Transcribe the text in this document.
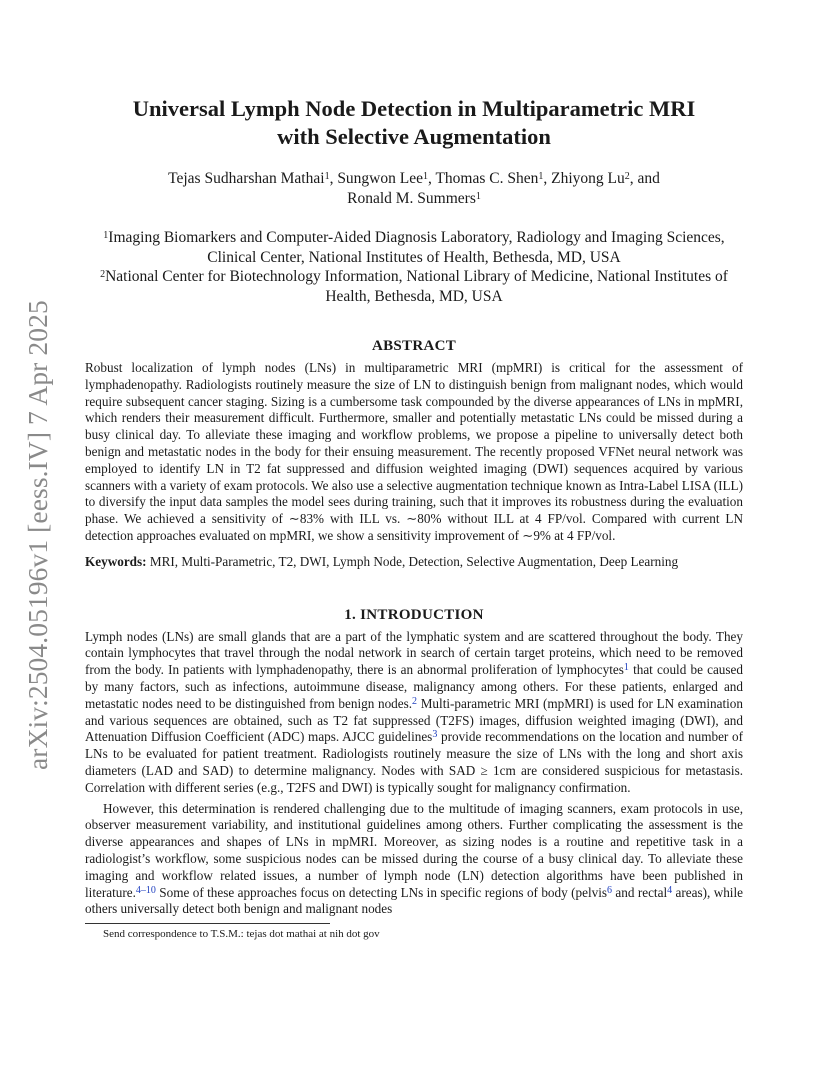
arXiv:2504.05196v1 [eess.IV] 7 Apr 2025
Universal Lymph Node Detection in Multiparametric MRI
with Selective Augmentation
Tejas Sudharshan Mathai$^1$, Sungwon Lee$^1$, Thomas C. Shen$^1$, Zhiyong Lu$^2$, and Ronald M. Summers$^1$
$^1$Imaging Biomarkers and Computer-Aided Diagnosis Laboratory, Radiology and Imaging Sciences, Clinical Center, National Institutes of Health, Bethesda, MD, USA
$^2$National Center for Biotechnology Information, National Library of Medicine, National Institutes of Health, Bethesda, MD, USA
ABSTRACT

Robust localization of lymph nodes (LNs) in multiparametric MRI (mpMRI) is critical for the assessment of lymphadenopathy. Radiologists routinely measure the size of LN to distinguish benign from malignant nodes, which would require subsequent cancer staging. Sizing is a cumbersome task compounded by the diverse appearances of LNs in mpMRI, which renders their measurement difficult. Furthermore, smaller and potentially metastatic LNs could be missed during a busy clinical day. To alleviate these imaging and workflow problems, we propose a pipeline to universally detect both benign and metastatic nodes in the body for their ensuing measurement. The recently proposed VFNet neural network was employed to identify LN in T2 fat suppressed and diffusion weighted imaging (DWI) sequences acquired by various scanners with a variety of exam protocols. We also use a selective augmentation technique known as Intra-Label LISA (ILL) to diversify the input data samples the model sees during training, such that it improves its robustness during the evaluation phase. We achieved a sensitivity of ∼83% with ILL vs. ∼80% without ILL at 4 FP/vol. Compared with current LN detection approaches evaluated on mpMRI, we show a sensitivity improvement of ∼9% at 4 FP/vol.

Keywords: MRI, Multi-Parametric, T2, DWI, Lymph Node, Detection, Selective Augmentation, Deep Learning
1. INTRODUCTION

Lymph nodes (LNs) are small glands that are a part of the lymphatic system and are scattered throughout the body. They contain lymphocytes that travel through the nodal network in search of certain target proteins, which need to be removed from the body. In patients with lymphadenopathy, there is an abnormal proliferation of lymphocytes$^1$ that could be caused by many factors, such as infections, autoimmune disease, malignancy among others. For these patients, enlarged and metastatic nodes need to be distinguished from benign nodes.$^2$ Multi-parametric MRI (mpMRI) is used for LN examination and various sequences are obtained, such as T2 fat suppressed (T2FS) images, diffusion weighted imaging (DWI), and Attenuation Diffusion Coefficient (ADC) maps. AJCC guidelines$^3$ provide recommendations on the location and number of LNs to be evaluated for patient treatment. Radiologists routinely measure the size of LNs with the long and short axis diameters (LAD and SAD) to determine malignancy. Nodes with SAD ≥ 1cm are considered suspicious for metastasis. Correlation with different series (e.g., T2FS and DWI) is typically sought for malignancy confirmation.

However, this determination is rendered challenging due to the multitude of imaging scanners, exam protocols in use, observer measurement variability, and institutional guidelines among others. Further complicating the assessment is the diverse appearances and shapes of LNs in mpMRI. Moreover, as sizing nodes is a routine and repetitive task in a radiologist’s workflow, some suspicious nodes can be missed during the course of a busy clinical day. To alleviate these imaging and workflow related issues, a number of lymph node (LN) detection algorithms have been published in literature.$^{4-10}$ Some of these approaches focus on detecting LNs in specific regions of body (pelvis$^6$ and rectal$^4$ areas), while others universally detect both benign and malignant nodes

Send correspondence to T.S.M.: tejas dot mathai at nih dot gov
